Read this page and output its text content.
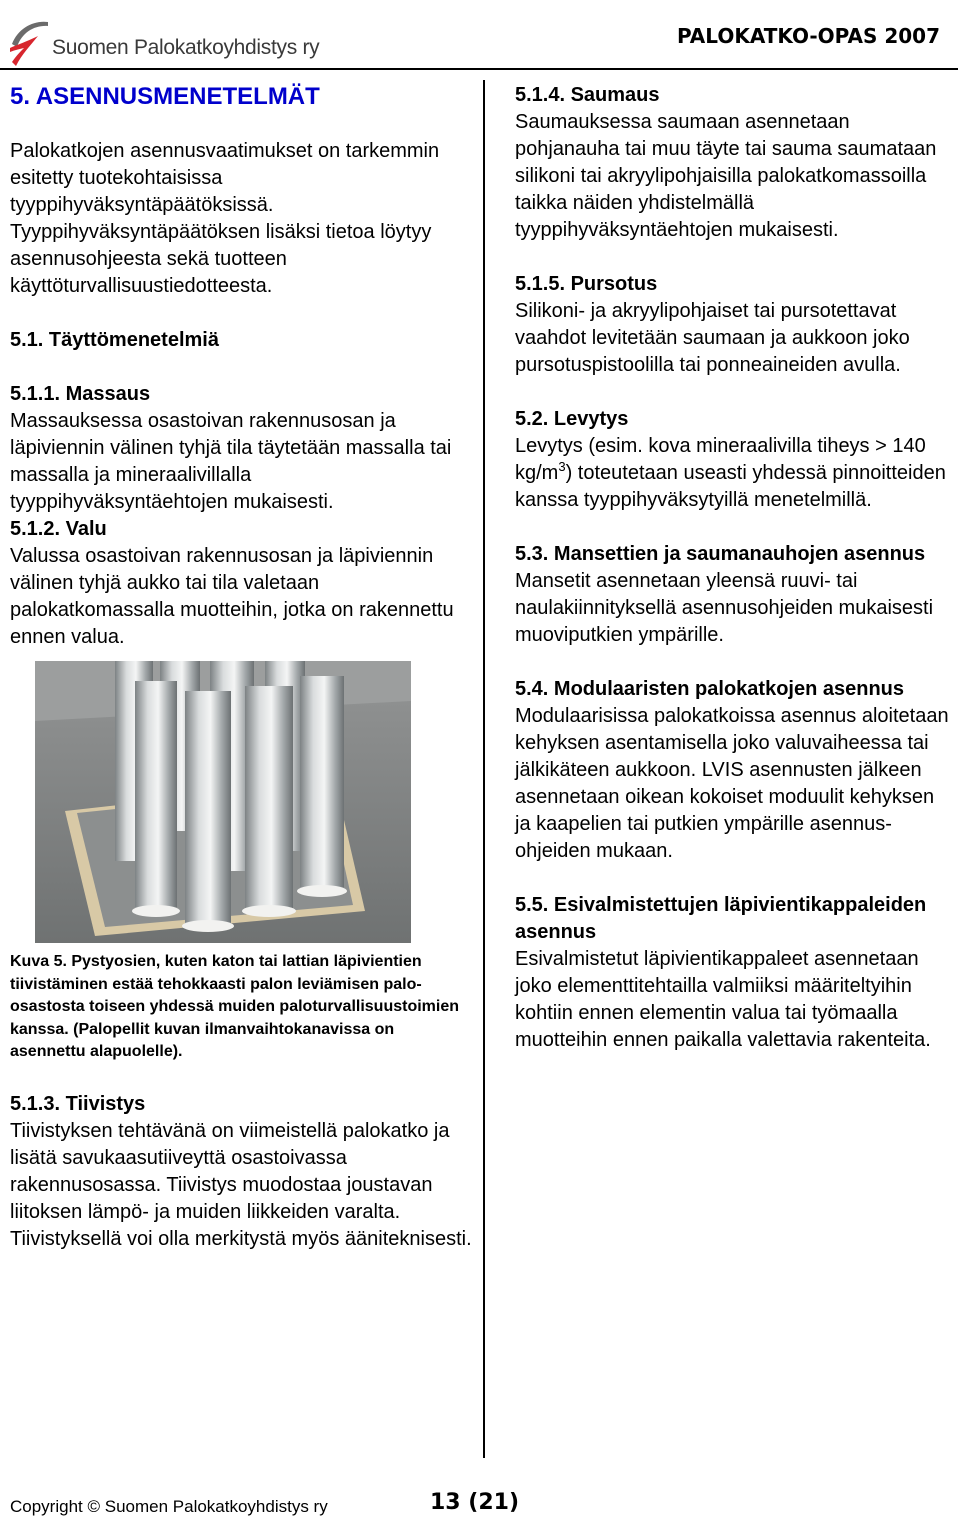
Suomen Palokatkoyhdistys ry	PALOKATKO-OPAS 2007
5. ASENNUSMENETELMÄT

Palokatkojen asennusvaatimukset on tarkemmin esitetty tuotekohtaisissa tyyppihyväksyntäpäätöksissä. Tyyppihyväksyntäpäätöksen lisäksi tietoa löytyy asennusohjeesta sekä tuotteen käyttöturvallisuustiedotteesta.

5.1. Täyttömenetelmiä
5.1.1. Massaus

Massauksessa osastoivan rakennusosan ja läpiviennin välinen tyhjä tila täytetään massalla tai massalla ja mineraalivillalla tyyppihyväksyntäehtojen mukaisesti.

5.1.2. Valu

Valussa osastoivan rakennusosan ja läpiviennin välinen tyhjä aukko tai tila valetaan palokatkomassalla muotteihin, jotka on rakennettu ennen valua.

Kuva 5. Pystyosien, kuten katon tai lattian läpivientien tiivistäminen estää tehokkaasti palon leviämisen palo-osastosta toiseen yhdessä muiden paloturvallisuustoimien kanssa. (Palopellit kuvan ilmanvaihtokanavissa on asennettu alapuolelle).

5.1.3. Tiivistys

Tiivistyksen tehtävänä on viimeistellä palokatko ja lisätä savukaasutiiveyttä osastoivassa rakennusosassa. Tiivistys muodostaa joustavan liitoksen lämpö- ja muiden liikkeiden varalta. Tiivistyksellä voi olla merkitystä myös ääniteknisesti.

5.1.4. Saumaus

Saumauksessa saumaan asennetaan pohjanauha tai muu täyte tai sauma saumataan silikoni tai akryylipohjaisilla palokatkomassoilla taikka näiden yhdistelmällä tyyppihyväksyntäehtojen mukaisesti.

5.1.5. Pursotus

Silikoni- ja akryylipohjaiset tai pursotettavat vaahdot levitetään saumaan ja aukkoon joko pursotuspistoolilla tai ponneaineiden avulla.

5.2. Levytys

Levytys (esim. kova mineraalivilla tiheys > 140 $kg/m^3$) toteutetaan useasti yhdessä pinnoitteiden kanssa tyyppihyväksytyillä menetelmillä.

5.3. Mansettien ja saumanauhojen asennus

Mansetit asennetaan yleensä ruuvi- tai naulakiinnityksellä asennusohjeiden mukaisesti muoviputkien ympärille.

5.4. Modulaaristen palokatkojen asennus

Modulaarisissa palokatkoissa asennus aloitetaan kehyksen asentamisella joko valuvaiheessa tai jälkikäteen aukkoon. LVIS asennusten jälkeen asennetaan oikean kokoiset moduulit kehyksen ja kaapelien tai putkien ympärille asennus-ohjeiden mukaan.

5.5. Esivalmistettujen läpivientikappaleiden asennus

Esivalmistetut läpivientikappaleet asennetaan joko elementtitehtailla valmiiksi määriteltyihin kohtiin ennen elementin valua tai työmaalla muotteihin ennen paikalla valettavia rakenteita.

Copyright © Suomen Palokatkoyhdistys ry	13 (21)
